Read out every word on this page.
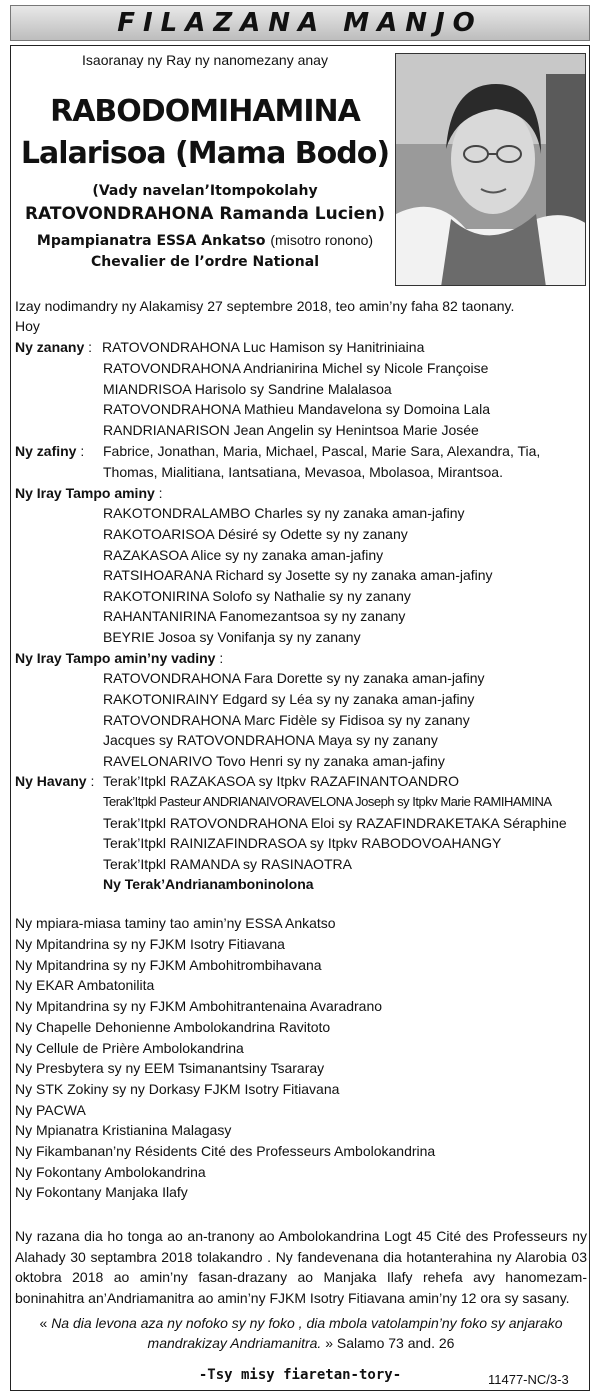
FILAZANA MANJO
Isaoranay ny Ray ny nanomezany anay
RABODOMIHAMINA
Lalarisoa (Mama Bodo)
(Vady navelan’Itompokolahy
RATOVONDRAHONA Ramanda Lucien)
Mpampianatra ESSA Ankatso (misotro ronono)
Chevalier de l’ordre National
Izay nodimandry ny Alakamisy 27 septembre 2018, teo amin’ny faha 82 taonany.
Hoy
Ny zanany : RATOVONDRAHONA Luc Hamison sy Hanitriniaina
RATOVONDRAHONA Andrianirina Michel sy Nicole Françoise
MIANDRISOA Harisolo sy Sandrine Malalasoa
RATOVONDRAHONA Mathieu Mandavelona sy Domoina Lala
RANDRIANARISON Jean Angelin sy Henintsoa Marie Josée
Ny zafiny : Fabrice, Jonathan, Maria, Michael, Pascal, Marie Sara, Alexandra, Tia,
Thomas, Mialitiana, Iantsatiana, Mevasoa, Mbolasoa, Mirantsoa.
Ny Iray Tampo aminy :
RAKOTONDRALAMBO Charles sy ny zanaka aman-jafiny
RAKOTOARISOA Désiré sy Odette sy ny zanany
RAZAKASOA Alice sy ny zanaka aman-jafiny
RATSIHOARANA Richard sy Josette sy ny zanaka aman-jafiny
RAKOTONIRINA Solofo sy Nathalie sy ny zanany
RAHANTANIRINA Fanomezantsoa sy ny zanany
BEYRIE Josoa sy Vonifanja sy ny zanany
Ny Iray Tampo amin’ny vadiny :
RATOVONDRAHONA Fara Dorette sy ny zanaka aman-jafiny
RAKOTONIRAINY Edgard sy Léa sy ny zanaka aman-jafiny
RATOVONDRAHONA Marc Fidèle sy Fidisoa sy ny zanany
Jacques sy RATOVONDRAHONA Maya sy ny zanany
RAVELONARIVO Tovo Henri sy ny zanaka aman-jafiny
Ny Havany : Terak’Itpkl RAZAKASOA sy Itpkv RAZAFINANTOANDRO
Terak’Itpkl Pasteur ANDRIANAIVORAVELONA Joseph sy Itpkv Marie RAMIHAMINA
Terak’Itpkl RATOVONDRAHONA Eloi sy RAZAFINDRAKETAKA Séraphine
Terak’Itpkl RAINIZAFINDRASOA sy Itpkv RABODOVOAHANGY
Terak’Itpkl RAMANDA sy RASINAOTRA
Ny Terak’Andrianamboninolona
Ny mpiara-miasa taminy tao amin’ny ESSA Ankatso
Ny Mpitandrina sy ny FJKM Isotry Fitiavana
Ny Mpitandrina sy ny FJKM Ambohitrombihavana
Ny EKAR Ambatonilita
Ny Mpitandrina sy ny FJKM Ambohitrantenaina Avaradrano
Ny Chapelle Dehonienne Ambolokandrina Ravitoto
Ny Cellule de Prière Ambolokandrina
Ny Presbytera sy ny EEM Tsimanantsiny Tsararay
Ny STK Zokiny sy ny Dorkasy FJKM Isotry Fitiavana
Ny PACWA
Ny Mpianatra Kristianina Malagasy
Ny Fikambanan’ny Résidents Cité des Professeurs Ambolokandrina
Ny Fokontany Ambolokandrina
Ny Fokontany Manjaka Ilafy
Ny razana dia ho tonga ao an-tranony ao Ambolokandrina Logt 45 Cité des Professeurs ny Alahady 30 septambra 2018 tolakandro . Ny fandevenana dia hotanterahina ny Alarobia 03 oktobra 2018 ao amin’ny fasan-drazany ao Manjaka Ilafy rehefa avy hanomezam-boninahitra an’Andriamanitra ao amin’ny FJKM Isotry Fitiavana amin’ny 12 ora sy sasany.
« Na dia levona aza ny nofoko sy ny foko , dia mbola vatolampin’ny foko sy anjarako mandrakizay Andriamanitra. » Salamo 73 and. 26
-Tsy misy fiaretan-tory-	11477-NC/3-3
